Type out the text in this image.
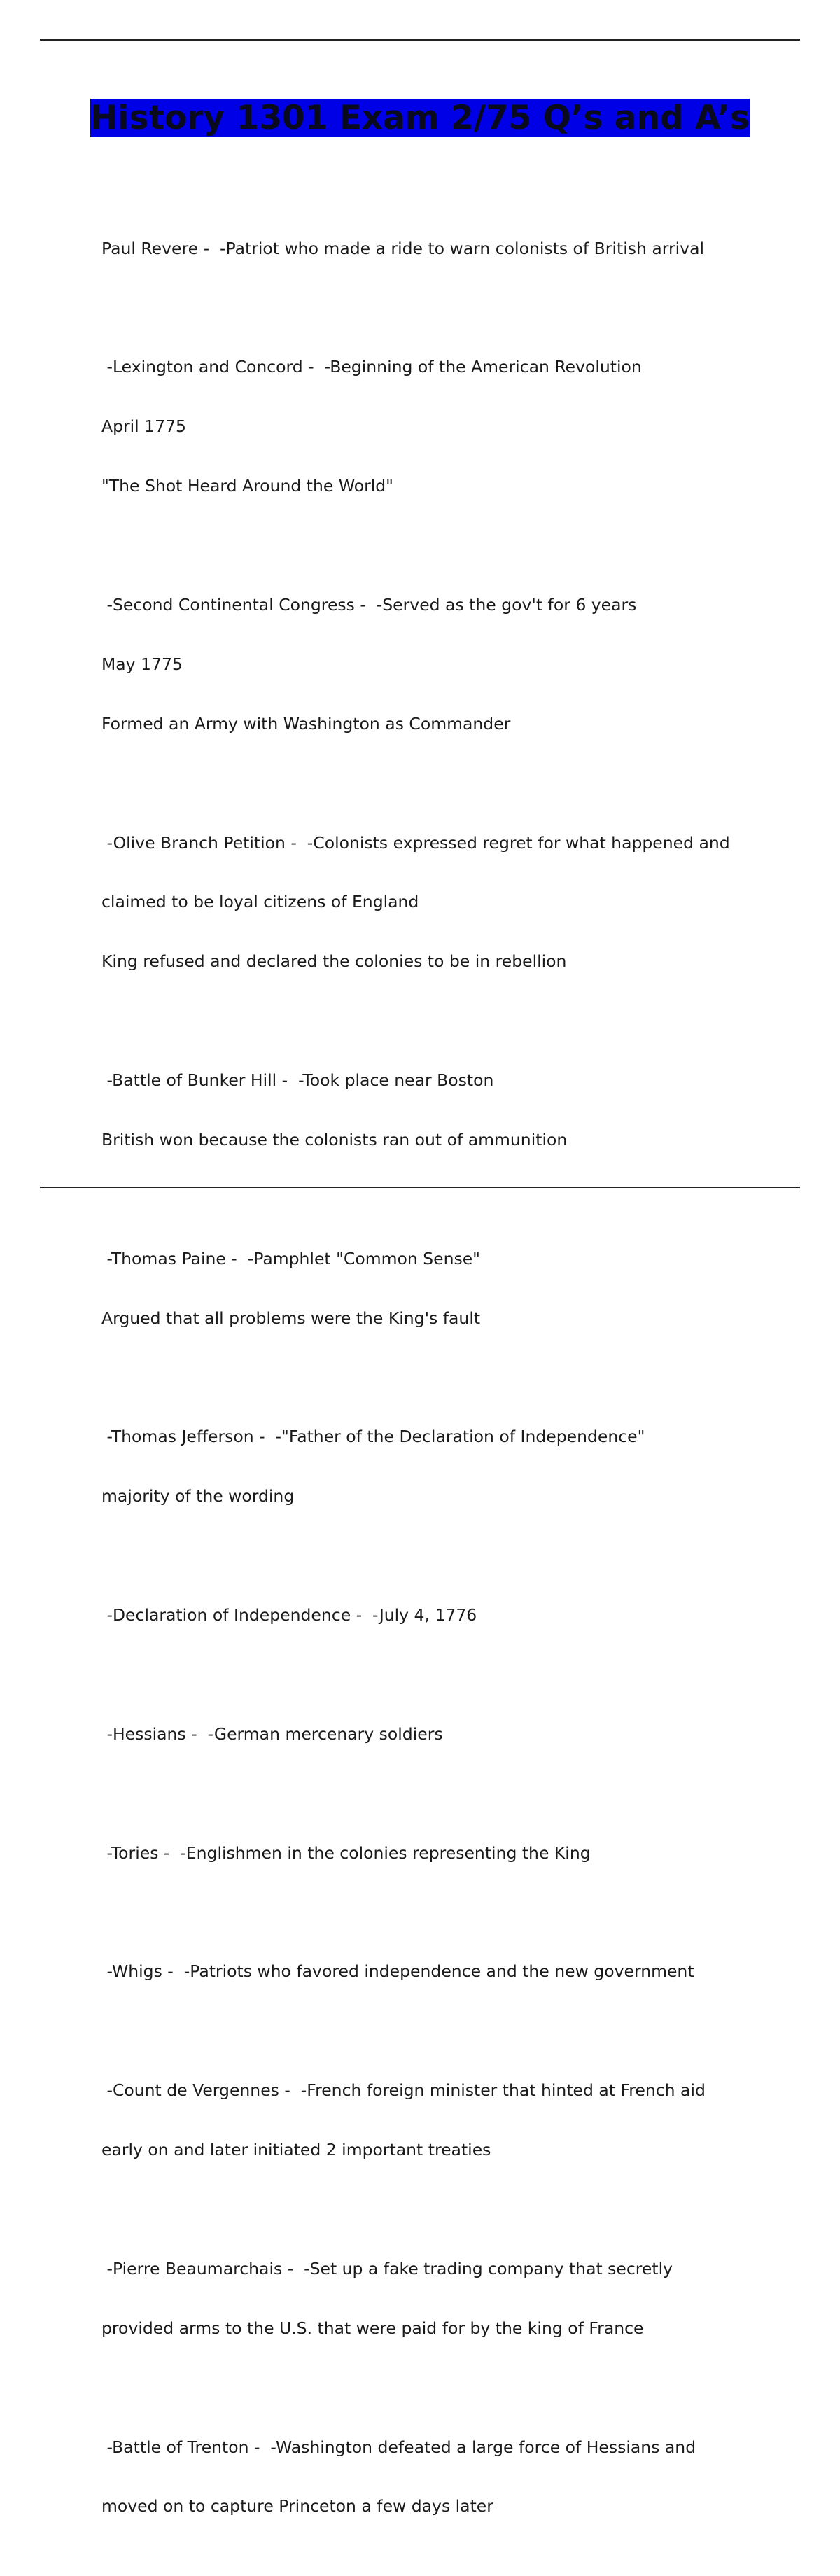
History 1301 Exam 2/75 Q’s and A’s

Paul Revere -  -Patriot who made a ride to warn colonists of British arrival

-Lexington and Concord -  -Beginning of the American Revolution

April 1775

"The Shot Heard Around the World"

-Second Continental Congress -  -Served as the gov't for 6 years

May 1775

Formed an Army with Washington as Commander

-Olive Branch Petition -  -Colonists expressed regret for what happened and

claimed to be loyal citizens of England

King refused and declared the colonies to be in rebellion

-Battle of Bunker Hill -  -Took place near Boston

British won because the colonists ran out of ammunition

-Thomas Paine -  -Pamphlet "Common Sense"

Argued that all problems were the King's fault

-Thomas Jefferson -  -"Father of the Declaration of Independence"

majority of the wording

-Declaration of Independence -  -July 4, 1776

-Hessians -  -German mercenary soldiers

-Tories -  -Englishmen in the colonies representing the King

-Whigs -  -Patriots who favored independence and the new government

-Count de Vergennes -  -French foreign minister that hinted at French aid

early on and later initiated 2 important treaties

-Pierre Beaumarchais -  -Set up a fake trading company that secretly

provided arms to the U.S. that were paid for by the king of France

-Battle of Trenton -  -Washington defeated a large force of Hessians and

moved on to capture Princeton a few days later
